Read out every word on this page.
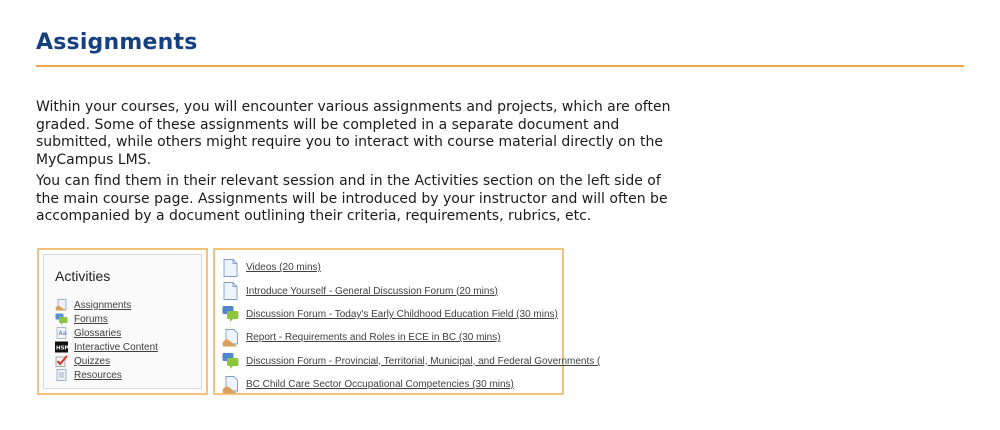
Assignments

Within your courses, you will encounter various assignments and projects, which are often graded. Some of these assignments will be completed in a separate document and submitted, while others might require you to interact with course material directly on the MyCampus LMS.

You can find them in their relevant session and in the Activities section on the left side of the main course page. Assignments will be introduced by your instructor and will often be accompanied by a document outlining their criteria, requirements, rubrics, etc.

Activities
Assignments
Forums
Aa Glossaries
H5P Interactive Content
Quizzes
Resources
Videos (20 mins)
Introduce Yourself - General Discussion Forum (20 mins)
Discussion Forum - Today's Early Childhood Education Field (30 mins)
Report - Requirements and Roles in ECE in BC (30 mins)
Discussion Forum - Provincial, Territorial, Municipal, and Federal Governments (
BC Child Care Sector Occupational Competencies (30 mins)
